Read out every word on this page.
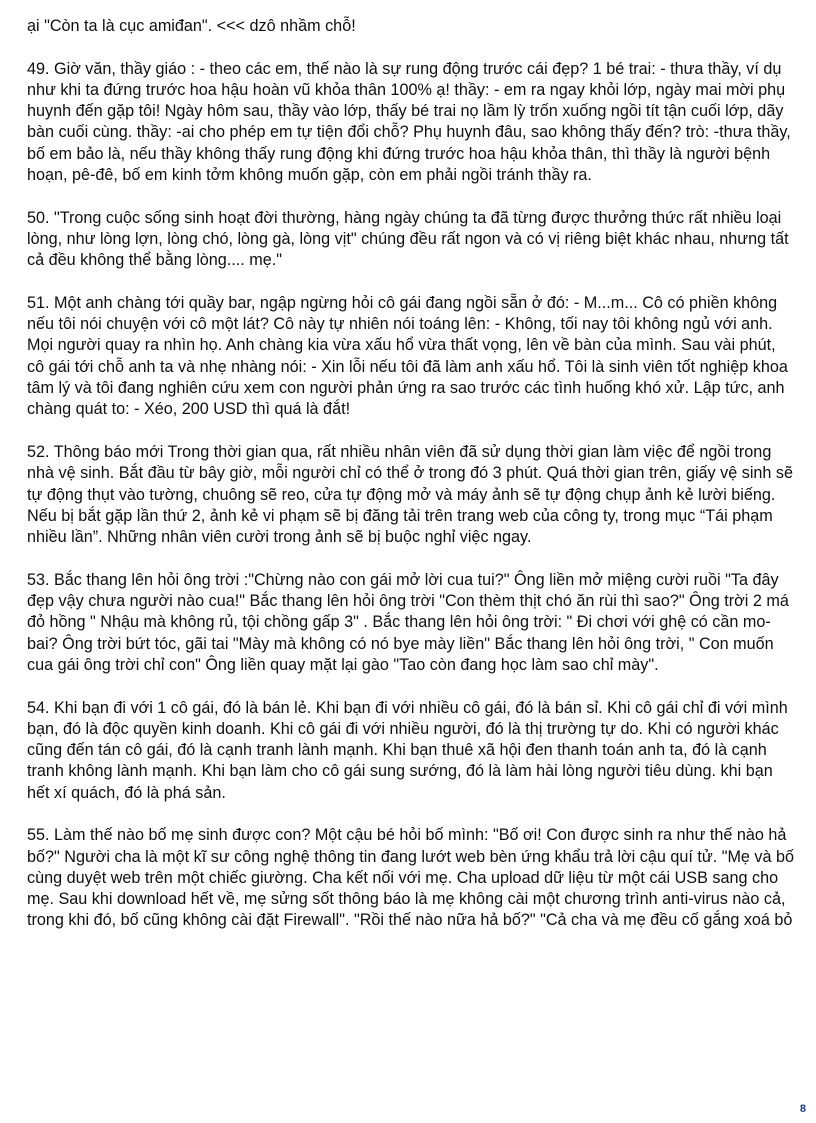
ại "Còn ta là cục amiđan". <<< dzô nhầm chỗ!

49. Giờ văn, thầy giáo : - theo các em, thế nào là sự rung động trước cái đẹp? 1 bé trai: - thưa thầy, ví dụ như khi ta đứng trước hoa hậu hoàn vũ khỏa thân 100% ạ! thầy: - em ra ngay khỏi lớp, ngày mai mời phụ huynh đến gặp tôi! Ngày hôm sau, thầy vào lớp, thấy bé trai nọ lầm lỳ trốn xuống ngồi tít tận cuối lớp, dãy bàn cuối cùng. thầy: -ai cho phép em tự tiện đổi chỗ? Phụ huynh đâu, sao không thấy đến? trò: -thưa thầy, bố em bảo là, nếu thầy không thấy rung động khi đứng trước hoa hậu khỏa thân, thì thầy là người bệnh hoạn, pê-đê, bố em kinh tởm không muốn gặp, còn em phải ngồi tránh thầy ra.

50. "Trong cuộc sống sinh hoạt đời thường, hàng ngày chúng ta đã từng được thưởng thức rất nhiều loại lòng, như lòng lợn, lòng chó, lòng gà, lòng vịt" chúng đều rất ngon và có vị riêng biệt khác nhau, nhưng tất cả đều không thể bằng lòng.... mẹ."

51. Một anh chàng tới quầy bar, ngập ngừng hỏi cô gái đang ngồi sẵn ở đó: - M...m... Cô có phiền không nếu tôi nói chuyện với cô một lát? Cô này tự nhiên nói toáng lên: - Không, tối nay tôi không ngủ với anh. Mọi người quay ra nhìn họ. Anh chàng kia vừa xấu hổ vừa thất vọng, lên về bàn của mình. Sau vài phút, cô gái tới chỗ anh ta và nhẹ nhàng nói: - Xin lỗi nếu tôi đã làm anh xấu hổ. Tôi là sinh viên tốt nghiệp khoa tâm lý và tôi đang nghiên cứu xem con người phản ứng ra sao trước các tình huống khó xử. Lập tức, anh chàng quát to: - Xéo, 200 USD thì quá là đắt!

52. Thông báo mới Trong thời gian qua, rất nhiều nhân viên đã sử dụng thời gian làm việc để ngồi trong nhà vệ sinh. Bắt đầu từ bây giờ, mỗi người chỉ có thể ở trong đó 3 phút. Quá thời gian trên, giấy vệ sinh sẽ tự động thụt vào tường, chuông sẽ reo, cửa tự động mở và máy ảnh sẽ tự động chụp ảnh kẻ lười biếng. Nếu bị bắt gặp lần thứ 2, ảnh kẻ vi phạm sẽ bị đăng tải trên trang web của công ty, trong mục “Tái phạm nhiều lần”. Những nhân viên cười trong ảnh sẽ bị buộc nghỉ việc ngay.

53. Bắc thang lên hỏi ông trời :"Chừng nào con gái mở lời cua tui?" Ông liền mở miệng cười ruồi "Ta đây đẹp vậy chưa người nào cua!" Bắc thang lên hỏi ông trời "Con thèm thịt chó ăn rùi thì sao?" Ông trời 2 má đỏ hồng " Nhậu mà không rủ, tội chồng gấp 3" . Bắc thang lên hỏi ông trời: " Đi chơi với ghệ có cần mo-bai? Ông trời bứt tóc, gãi tai "Mày mà không có nó bye mày liền" Bắc thang lên hỏi ông trời, " Con muốn cua gái ông trời chỉ con" Ông liền quay mặt lại gào "Tao còn đang học làm sao chỉ mày".

54. Khi bạn đi với 1 cô gái, đó là bán lẻ. Khi bạn đi với nhiều cô gái, đó là bán sỉ. Khi cô gái chỉ đi với mình bạn, đó là độc quyền kinh doanh. Khi cô gái đi với nhiều người, đó là thị trường tự do. Khi có người khác cũng đến tán cô gái, đó là cạnh tranh lành mạnh. Khi bạn thuê xã hội đen thanh toán anh ta, đó là cạnh tranh không lành mạnh. Khi bạn làm cho cô gái sung sướng, đó là làm hài lòng người tiêu dùng. khi bạn hết xí quách, đó là phá sản.

55. Làm thế nào bố mẹ sinh được con? Một cậu bé hỏi bố mình: "Bố ơi! Con được sinh ra như thế nào hả bố?" Người cha là một kĩ sư công nghệ thông tin đang lướt web bèn ứng khẩu trả lời cậu quí tử. "Mẹ và bố cùng duyệt web trên một chiếc giường. Cha kết nối với mẹ. Cha upload dữ liệu từ một cái USB sang cho mẹ. Sau khi download hết về, mẹ sửng sốt thông báo là mẹ không cài một chương trình anti-virus nào cả, trong khi đó, bố cũng không cài đặt Firewall". "Rồi thế nào nữa hả bố?" "Cả cha và mẹ đều cố gắng xoá bỏ

8
